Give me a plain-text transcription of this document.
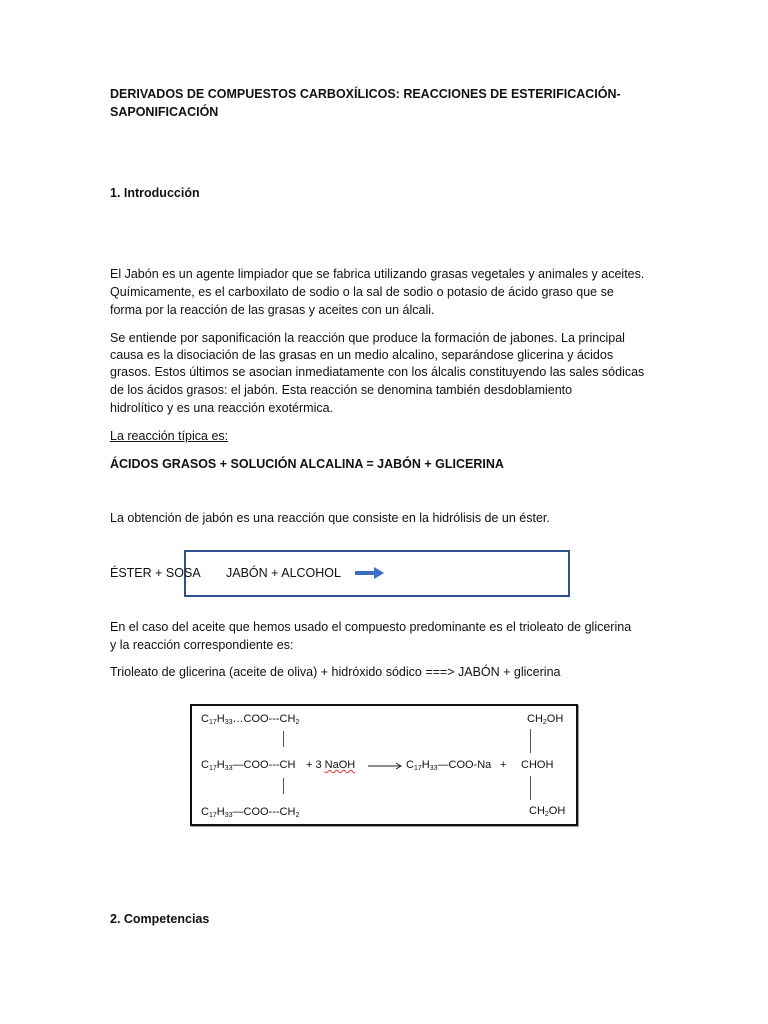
DERIVADOS DE COMPUESTOS CARBOXÍLICOS: REACCIONES DE ESTERIFICACIÓN-
SAPONIFICACIÓN
1. Introducción
El Jabón es un agente limpiador que se fabrica utilizando grasas vegetales y animales y aceites.
Químicamente, es el carboxilato de sodio o la sal de sodio o potasio de ácido graso que se
forma por la reacción de las grasas y aceites con un álcali.
Se entiende por saponificación la reacción que produce la formación de jabones. La principal
causa es la disociación de las grasas en un medio alcalino, separándose glicerina y ácidos
grasos. Estos últimos se asocian inmediatamente con los álcalis constituyendo las sales sódicas
de los ácidos grasos: el jabón. Esta reacción se denomina también desdoblamiento
hidrolítico y es una reacción exotérmica.
La reacción típica es:
ÁCIDOS GRASOS + SOLUCIÓN ALCALINA = JABÓN + GLICERINA
La obtención de jabón es una reacción que consiste en la hidrólisis de un éster.
ÉSTER + SOSA JABÓN + ALCOHOL
En el caso del aceite que hemos usado el compuesto predominante es el trioleato de glicerina
y la reacción correspondiente es:
Trioleato de glicerina (aceite de oliva) + hidróxido sódico ===> JABÓN + glicerina
$C_{17}H_{33}\dots COO---CH_2$
$C_{17}H_{33}—COO---CH$
$C_{17}H_{33}—COO---CH_2$
+ 3 NaOH → $C_{17}H_{33}—COO-Na$ +
$CH_2OH$
CHOH
$CH_2OH$
2. Competencias
